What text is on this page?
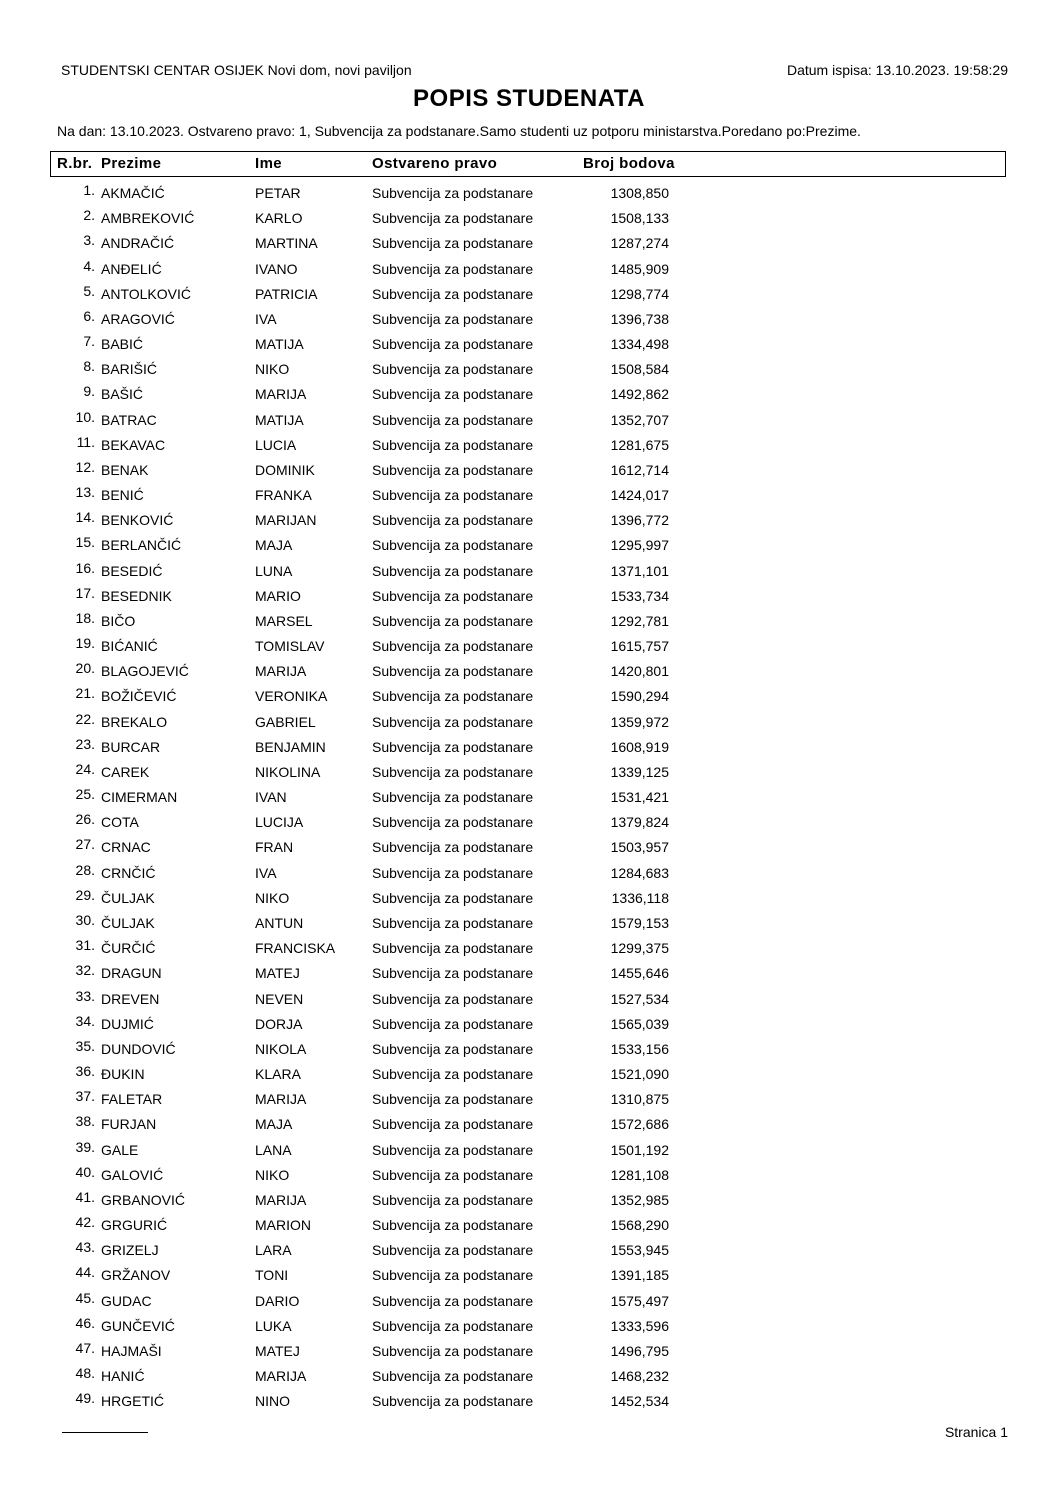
STUDENTSKI CENTAR OSIJEK Novi dom, novi paviljon	Datum ispisa: 13.10.2023. 19:58:29
POPIS STUDENATA
Na dan: 13.10.2023. Ostvareno pravo: 1, Subvencija za podstanare.Samo studenti uz potporu ministarstva.Poredano po:Prezime.
R.br. Prezime	Ime	Ostvareno pravo	Broj bodova
1. AKMAČIĆ	PETAR	Subvencija za podstanare	1308,850
2. AMBREKOVIĆ	KARLO	Subvencija za podstanare	1508,133
3. ANDRAČIĆ	MARTINA	Subvencija za podstanare	1287,274
4. ANĐELIĆ	IVANO	Subvencija za podstanare	1485,909
5. ANTOLKOVIĆ	PATRICIA	Subvencija za podstanare	1298,774
6. ARAGOVIĆ	IVA	Subvencija za podstanare	1396,738
7. BABIĆ	MATIJA	Subvencija za podstanare	1334,498
8. BARIŠIĆ	NIKO	Subvencija za podstanare	1508,584
9. BAŠIĆ	MARIJA	Subvencija za podstanare	1492,862
10. BATRAC	MATIJA	Subvencija za podstanare	1352,707
11. BEKAVAC	LUCIA	Subvencija za podstanare	1281,675
12. BENAK	DOMINIK	Subvencija za podstanare	1612,714
13. BENIĆ	FRANKA	Subvencija za podstanare	1424,017
14. BENKOVIĆ	MARIJAN	Subvencija za podstanare	1396,772
15. BERLANČIĆ	MAJA	Subvencija za podstanare	1295,997
16. BESEDIĆ	LUNA	Subvencija za podstanare	1371,101
17. BESEDNIK	MARIO	Subvencija za podstanare	1533,734
18. BIČO	MARSEL	Subvencija za podstanare	1292,781
19. BIĆANIĆ	TOMISLAV	Subvencija za podstanare	1615,757
20. BLAGOJEVIĆ	MARIJA	Subvencija za podstanare	1420,801
21. BOŽIČEVIĆ	VERONIKA	Subvencija za podstanare	1590,294
22. BREKALO	GABRIEL	Subvencija za podstanare	1359,972
23. BURCAR	BENJAMIN	Subvencija za podstanare	1608,919
24. CAREK	NIKOLINA	Subvencija za podstanare	1339,125
25. CIMERMAN	IVAN	Subvencija za podstanare	1531,421
26. COTA	LUCIJA	Subvencija za podstanare	1379,824
27. CRNAC	FRAN	Subvencija za podstanare	1503,957
28. CRNČIĆ	IVA	Subvencija za podstanare	1284,683
29. ČULJAK	NIKO	Subvencija za podstanare	1336,118
30. ČULJAK	ANTUN	Subvencija za podstanare	1579,153
31. ČURČIĆ	FRANCISKA	Subvencija za podstanare	1299,375
32. DRAGUN	MATEJ	Subvencija za podstanare	1455,646
33. DREVEN	NEVEN	Subvencija za podstanare	1527,534
34. DUJMIĆ	DORJA	Subvencija za podstanare	1565,039
35. DUNDOVIĆ	NIKOLA	Subvencija za podstanare	1533,156
36. ĐUKIN	KLARA	Subvencija za podstanare	1521,090
37. FALETAR	MARIJA	Subvencija za podstanare	1310,875
38. FURJAN	MAJA	Subvencija za podstanare	1572,686
39. GALE	LANA	Subvencija za podstanare	1501,192
40. GALOVIĆ	NIKO	Subvencija za podstanare	1281,108
41. GRBANOVIĆ	MARIJA	Subvencija za podstanare	1352,985
42. GRGURIĆ	MARION	Subvencija za podstanare	1568,290
43. GRIZELJ	LARA	Subvencija za podstanare	1553,945
44. GRŽANOV	TONI	Subvencija za podstanare	1391,185
45. GUDAC	DARIO	Subvencija za podstanare	1575,497
46. GUNČEVIĆ	LUKA	Subvencija za podstanare	1333,596
47. HAJMAŠI	MATEJ	Subvencija za podstanare	1496,795
48. HANIĆ	MARIJA	Subvencija za podstanare	1468,232
49. HRGETIĆ	NINO	Subvencija za podstanare	1452,534
Stranica 1
